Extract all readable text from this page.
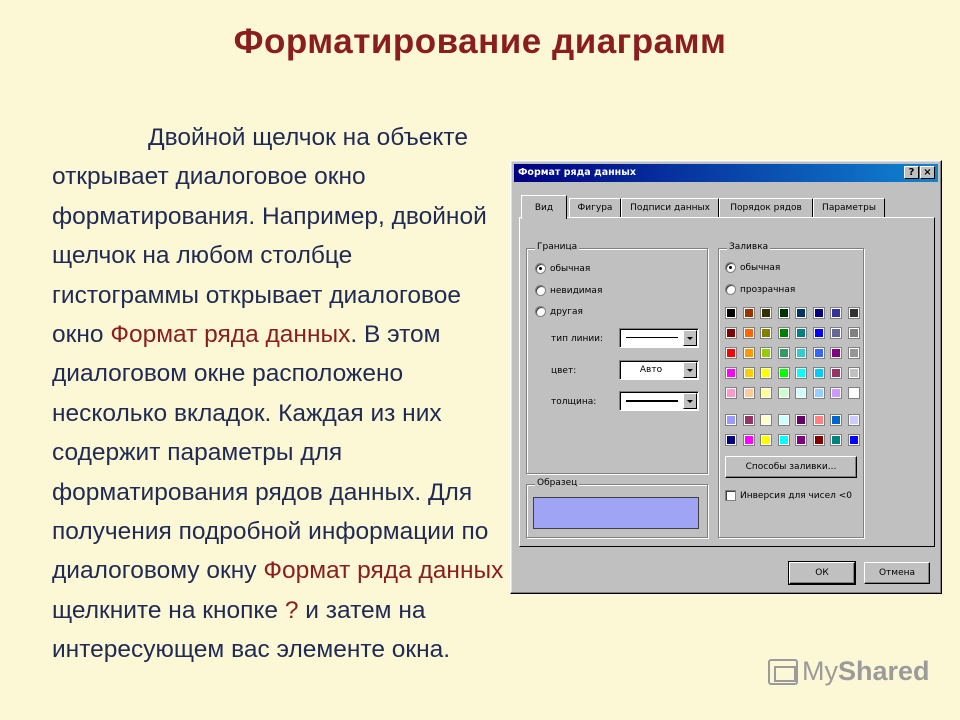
Форматирование диаграмм
Двойной щелчок на объекте открывает диалоговое окно форматирования. Например, двойной щелчок на любом столбце гистограммы открывает диалоговое окно Формат ряда данных. В этом диалоговом окне расположено несколько вкладок. Каждая из них содержит параметры для форматирования рядов данных. Для получения подробной информации по диалоговому окну Формат ряда данных щелкните на кнопке ? и затем на интересующем вас элементе окна.
Формат ряда данных	? ×
Вид	Фигура	Подписи данных	Порядок рядов	Параметры
Граница
обычная
невидимая
другая
тип линии:
цвет:	Авто
толщина:
Образец
Заливка
обычная
прозрачная
Способы заливки...
Инверсия для чисел <0
ОК	Отмена
My Shared
